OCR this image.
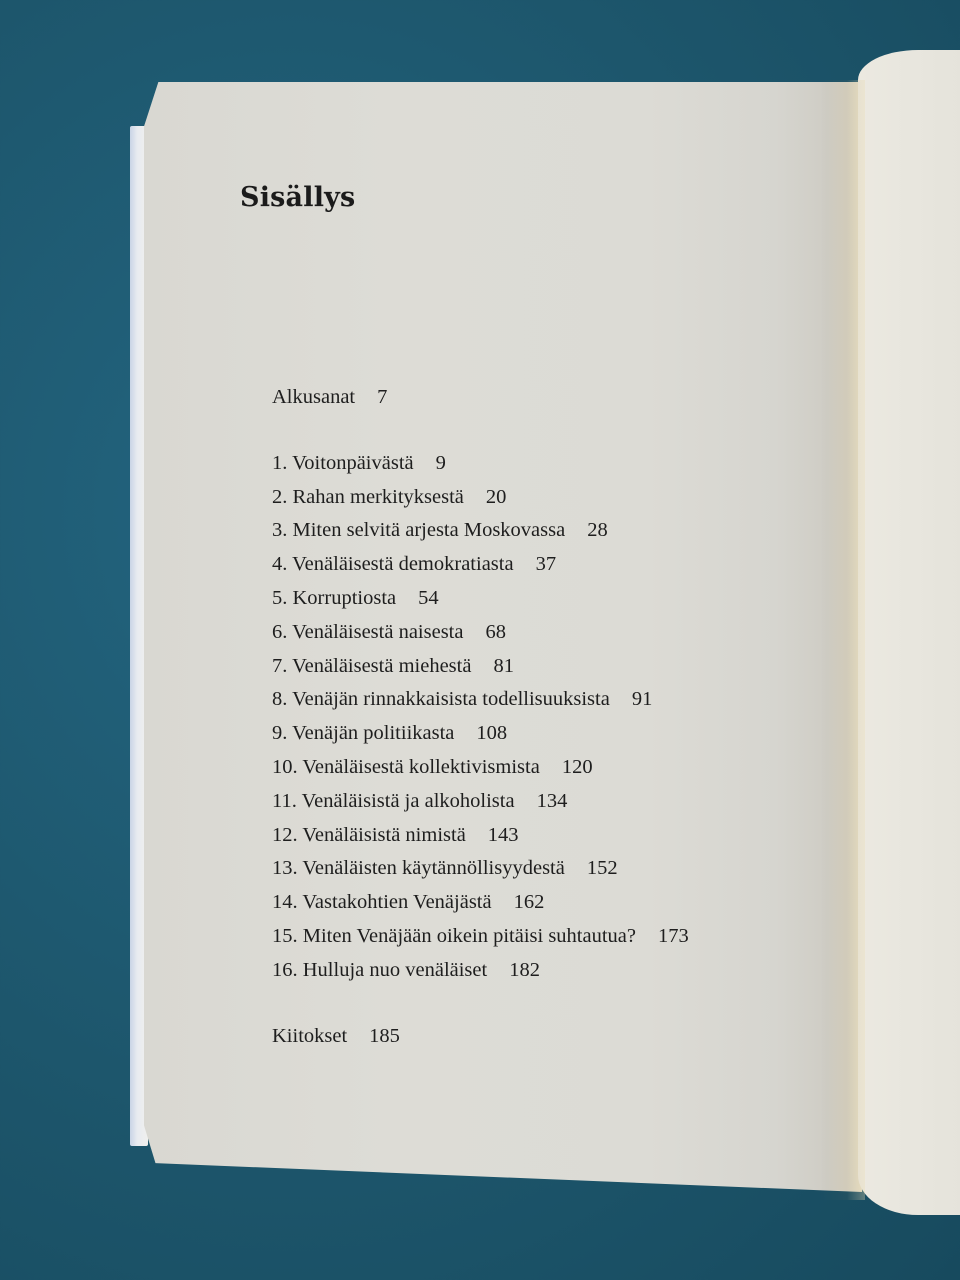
Sisällys
Alkusanat 7
1. Voitonpäivästä 9
2. Rahan merkityksestä 20
3. Miten selvitä arjesta Moskovassa 28
4. Venäläisestä demokratiasta 37
5. Korruptiosta 54
6. Venäläisestä naisesta 68
7. Venäläisestä miehestä 81
8. Venäjän rinnakkaisista todellisuuksista 91
9. Venäjän politiikasta 108
10. Venäläisestä kollektivismista 120
11. Venäläisistä ja alkoholista 134
12. Venäläisistä nimistä 143
13. Venäläisten käytännöllisyydestä 152
14. Vastakohtien Venäjästä 162
15. Miten Venäjään oikein pitäisi suhtautua? 173
16. Hulluja nuo venäläiset 182
Kiitokset 185
